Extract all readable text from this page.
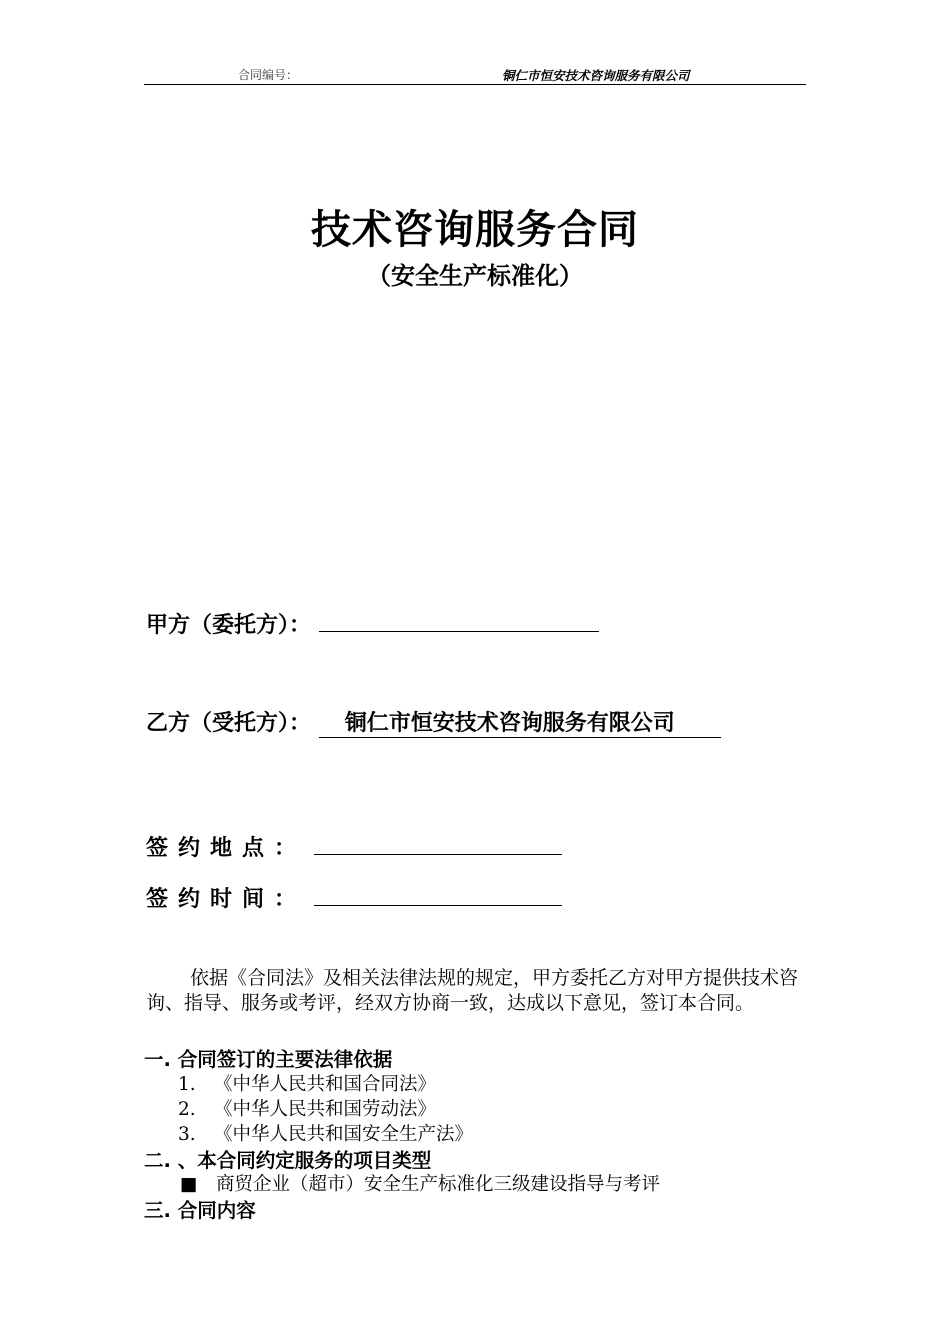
合同编号：	铜仁市恒安技术咨询服务有限公司
技术咨询服务合同
（安全生产标准化）
甲方（委托方）：
乙方（受托方）： 铜仁市恒安技术咨询服务有限公司
签约地点：
签约时间：
依据《合同法》及相关法律法规的规定，甲方委托乙方对甲方提供技术咨询、指导、服务或考评，经双方协商一致，达成以下意见，签订本合同。
一. 合同签订的主要法律依据
1. 《中华人民共和国合同法》
2. 《中华人民共和国劳动法》
3. 《中华人民共和国安全生产法》
二. 、本合同约定服务的项目类型
■ 商贸企业（超市）安全生产标准化三级建设指导与考评
三. 合同内容
